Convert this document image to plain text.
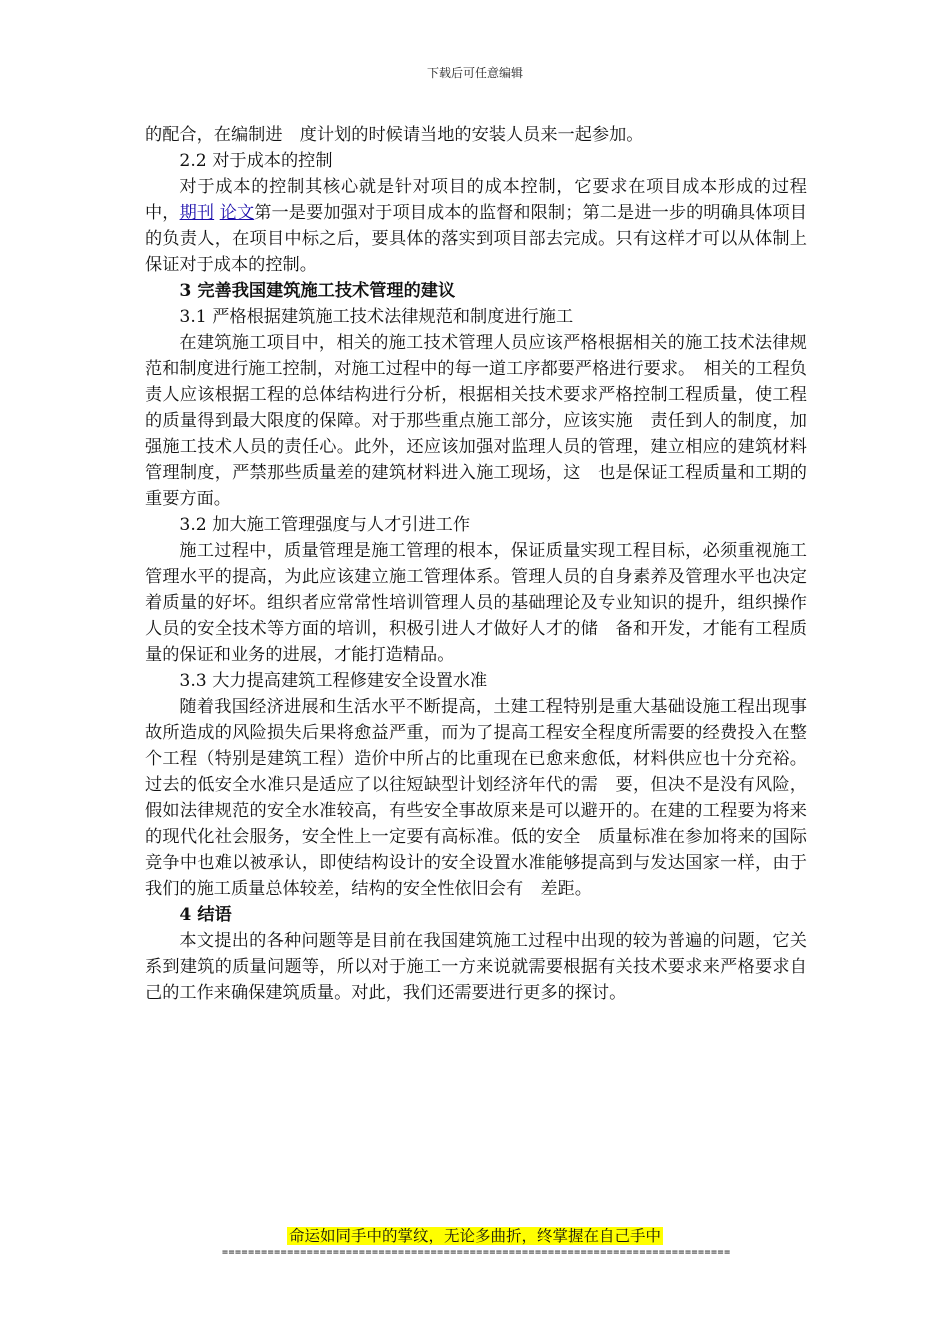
下载后可任意编辑

的配合，在编制进　度计划的时候请当地的安装人员来一起参加。

2.2 对于成本的控制

对于成本的控制其核心就是针对项目的成本控制，它要求在项目成本形成的过程中，期刊 论文第一是要加强对于项目成本的监督和限制；第二是进一步的明确具体项目的负责人，在项目中标之后，要具体的落实到项目部去完成。只有这样才可以从体制上保证对于成本的控制。

3 完善我国建筑施工技术管理的建议

3.1 严格根据建筑施工技术法律规范和制度进行施工

在建筑施工项目中，相关的施工技术管理人员应该严格根据相关的施工技术法律规范和制度进行施工控制，对施工过程中的每一道工序都要严格进行要求。　相关的工程负责人应该根据工程的总体结构进行分析，根据相关技术要求严格控制工程质量，使工程的质量得到最大限度的保障。对于那些重点施工部分，应该实施　责任到人的制度，加强施工技术人员的责任心。此外，还应该加强对监理人员的管理，建立相应的建筑材料管理制度，严禁那些质量差的建筑材料进入施工现场，这　也是保证工程质量和工期的重要方面。

3.2 加大施工管理强度与人才引进工作

施工过程中，质量管理是施工管理的根本，保证质量实现工程目标，必须重视施工管理水平的提高，为此应该建立施工管理体系。管理人员的自身素养及管理水平也决定着质量的好坏。组织者应常常性培训管理人员的基础理论及专业知识的提升，组织操作人员的安全技术等方面的培训，积极引进人才做好人才的储　备和开发，才能有工程质量的保证和业务的进展，才能打造精品。

3.3 大力提高建筑工程修建安全设置水准

随着我国经济进展和生活水平不断提高，土建工程特别是重大基础设施工程出现事故所造成的风险损失后果将愈益严重，而为了提高工程安全程度所需要的经费投入在整个工程（特别是建筑工程）造价中所占的比重现在已愈来愈低，材料供应也十分充裕。过去的低安全水准只是适应了以往短缺型计划经济年代的需　要，但决不是没有风险，假如法律规范的安全水准较高，有些安全事故原来是可以避开的。在建的工程要为将来的现代化社会服务，安全性上一定要有高标准。低的安全　质量标准在参加将来的国际竞争中也难以被承认，即使结构设计的安全设置水准能够提高到与发达国家一样，由于我们的施工质量总体较差，结构的安全性依旧会有　差距。

4 结语

本文提出的各种问题等是目前在我国建筑施工过程中出现的较为普遍的问题，它关系到建筑的质量问题等，所以对于施工一方来说就需要根据有关技术要求来严格要求自己的工作来确保建筑质量。对此，我们还需要进行更多的探讨。

命运如同手中的掌纹，无论多曲折，终掌握在自己手中
==============================================================================
